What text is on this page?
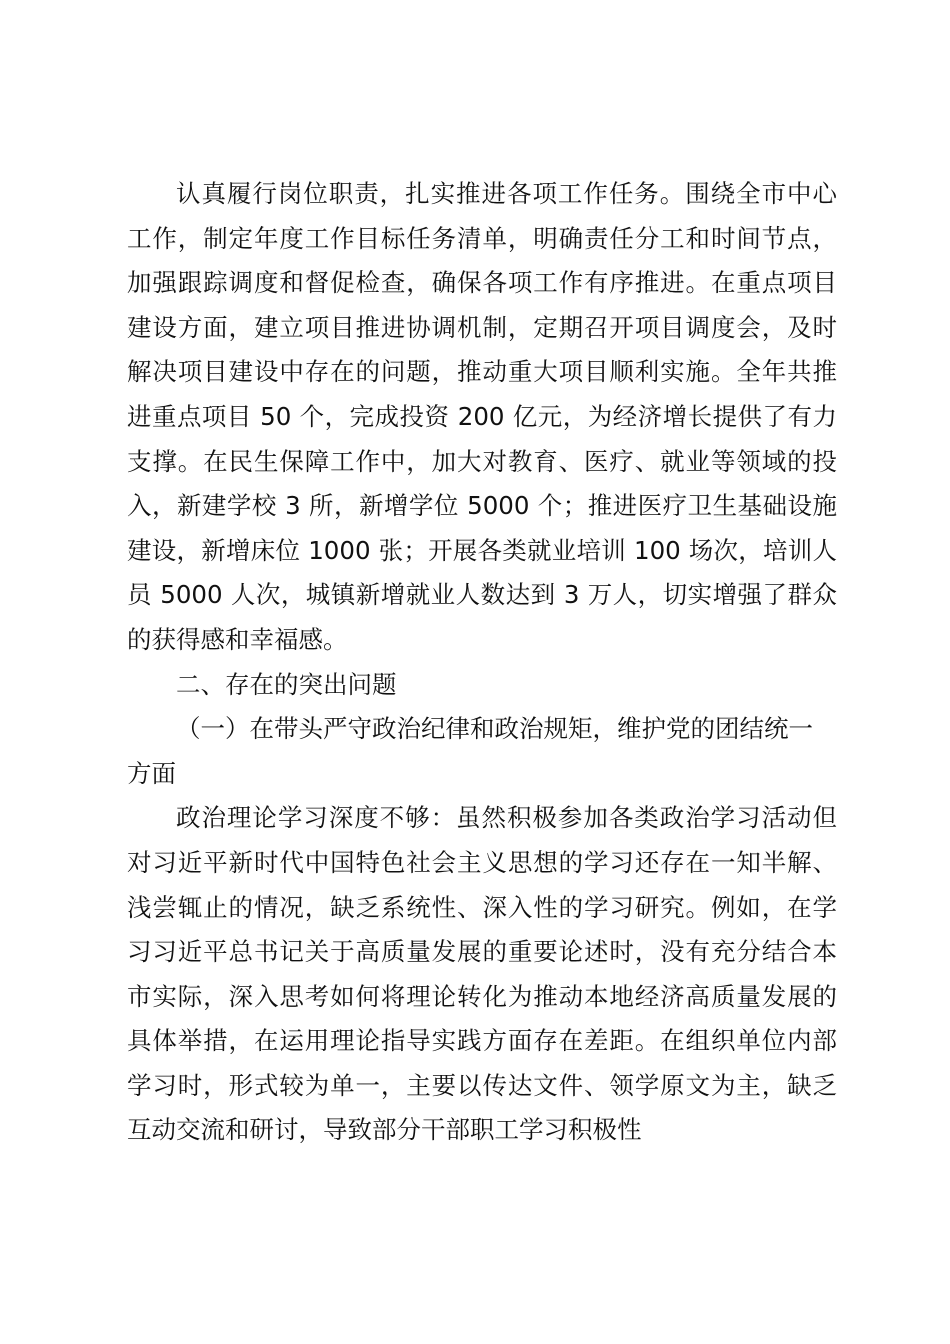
认真履行岗位职责，扎实推进各项工作任务。围绕全市中心工作，制定年度工作目标任务清单，明确责任分工和时间节点，加强跟踪调度和督促检查，确保各项工作有序推进。在重点项目建设方面，建立项目推进协调机制，定期召开项目调度会，及时解决项目建设中存在的问题，推动重大项目顺利实施。全年共推进重点项目 50 个，完成投资 200 亿元，为经济增长提供了有力支撑。在民生保障工作中，加大对教育、医疗、就业等领域的投入，新建学校 3 所，新增学位 5000 个；推进医疗卫生基础设施建设，新增床位 1000 张；开展各类就业培训 100 场次，培训人员 5000 人次，城镇新增就业人数达到 3 万人，切实增强了群众的获得感和幸福感。

二、存在的突出问题

（一）在带头严守政治纪律和政治规矩，维护党的团结统一方面

政治理论学习深度不够：虽然积极参加各类政治学习活动但对习近平新时代中国特色社会主义思想的学习还存在一知半解、浅尝辄止的情况，缺乏系统性、深入性的学习研究。例如，在学习习近平总书记关于高质量发展的重要论述时，没有充分结合本市实际，深入思考如何将理论转化为推动本地经济高质量发展的具体举措，在运用理论指导实践方面存在差距。在组织单位内部学习时，形式较为单一，主要以传达文件、领学原文为主，缺乏互动交流和研讨，导致部分干部职工学习积极性
